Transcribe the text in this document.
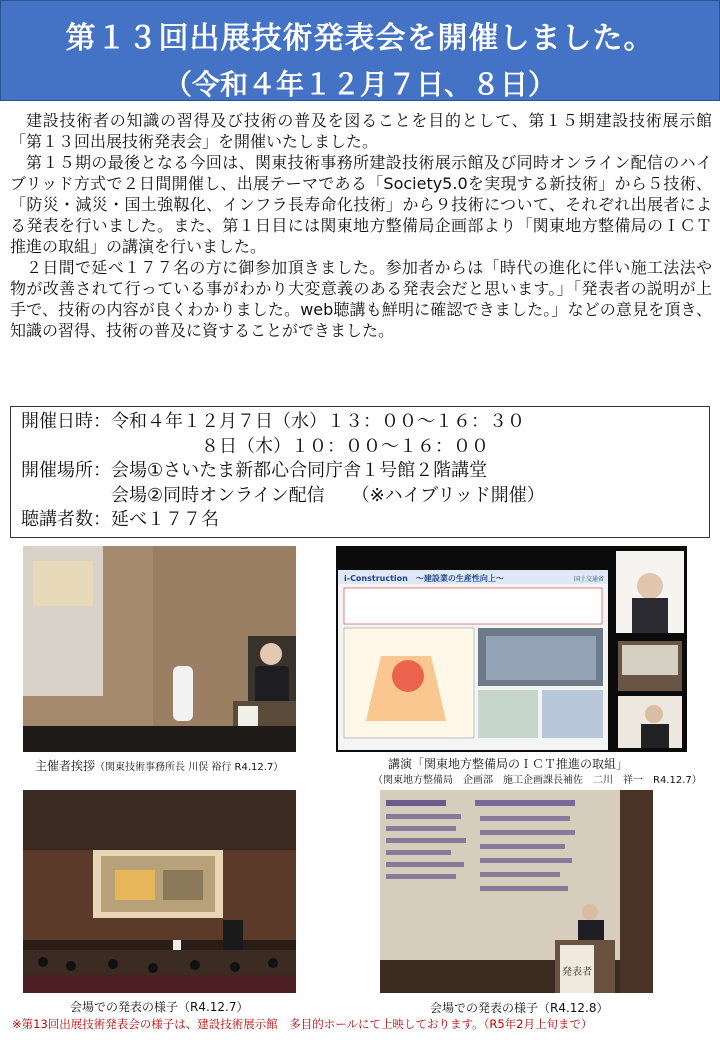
第１３回出展技術発表会を開催しました。
（令和４年１２月７日、８日）

建設技術者の知識の習得及び技術の普及を図ることを目的として、第１５期建設技術展示館「第１３回出展技術発表会」を開催いたしました。

第１５期の最後となる今回は、関東技術事務所建設技術展示館及び同時オンライン配信のハイブリッド方式で２日間開催し、出展テーマである「Society5.0を実現する新技術」から５技術、「防災・減災・国土強靱化、インフラ長寿命化技術」から９技術について、それぞれ出展者による発表を行いました。また、第１日目には関東地方整備局企画部より「関東地方整備局のＩＣＴ推進の取組」の講演を行いました。

２日間で延べ１７７名の方に御参加頂きました。参加者からは「時代の進化に伴い施工法法や物が改善されて行っている事がわかり大変意義のある発表会だと思います。」「発表者の説明が上手で、技術の内容が良くわかりました。web聴講も鮮明に確認できました。」などの意見を頂き、知識の習得、技術の普及に資することができました。

開催日時：令和４年１２月７日（水）１３：００～１６：３０
　　　　　　　　　　８日（木）１０：００～１６：００
開催場所：会場①さいたま新都心合同庁舎１号館２階講堂
　　　　　会場②同時オンライン配信　　（※ハイブリッド開催）
聴講者数：延べ１７７名
主催者挨拶（関東技術事務所長 川俣 裕行 R4.12.7）
i-Construction　～建設業の生産性向上～	国土交通省
講演「関東地方整備局のＩＣＴ推進の取組」
（関東地方整備局　企画部　施工企画課長補佐　二川　祥一　R4.12.7）
会場での発表の様子（R4.12.7）
発表者
会場での発表の様子（R4.12.8）
※第13回出展技術発表会の様子は、建設技術展示館　多目的ホールにて上映しております。（R5年2月上旬まで）
